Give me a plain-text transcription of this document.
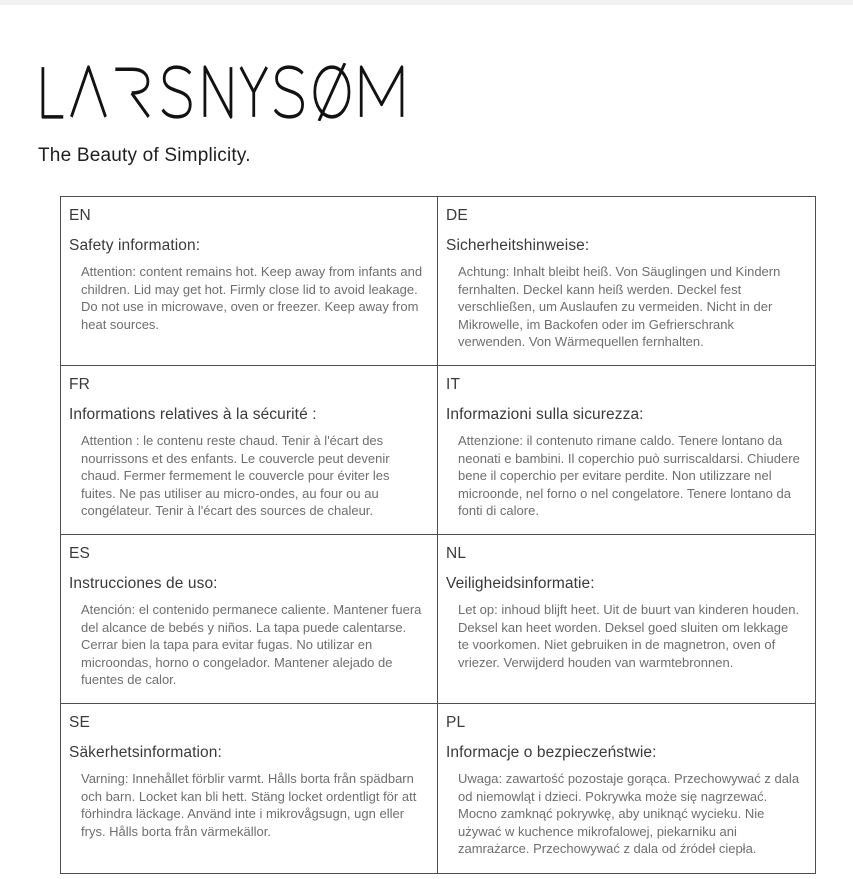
The Beauty of Simplicity.
EN
Safety information:

Attention: content remains hot. Keep away from infants and children. Lid may get hot. Firmly close lid to avoid leakage. Do not use in microwave, oven or freezer. Keep away from heat sources.

DE
Sicherheitshinweise:

Achtung: Inhalt bleibt heiß. Von Säuglingen und Kindern fernhalten. Deckel kann heiß werden. Deckel fest verschließen, um Auslaufen zu vermeiden. Nicht in der Mikrowelle, im Backofen oder im Gefrierschrank verwenden. Von Wärmequellen fernhalten.

FR
Informations relatives à la sécurité :

Attention : le contenu reste chaud. Tenir à l'écart des nourrissons et des enfants. Le couvercle peut devenir chaud. Fermer fermement le couvercle pour éviter les fuites. Ne pas utiliser au micro-ondes, au four ou au congélateur. Tenir à l'écart des sources de chaleur.

IT
Informazioni sulla sicurezza:

Attenzione: il contenuto rimane caldo. Tenere lontano da neonati e bambini. Il coperchio può surriscaldarsi. Chiudere bene il coperchio per evitare perdite. Non utilizzare nel microonde, nel forno o nel congelatore. Tenere lontano da fonti di calore.

ES
Instrucciones de uso:

Atención: el contenido permanece caliente. Mantener fuera del alcance de bebés y niños. La tapa puede calentarse. Cerrar bien la tapa para evitar fugas. No utilizar en microondas, horno o congelador. Mantener alejado de fuentes de calor.

NL
Veiligheidsinformatie:

Let op: inhoud blijft heet. Uit de buurt van kinderen houden. Deksel kan heet worden. Deksel goed sluiten om lekkage te voorkomen. Niet gebruiken in de magnetron, oven of vriezer. Verwijderd houden van warmtebronnen.

SE
Säkerhetsinformation:

Varning: Innehållet förblir varmt. Hålls borta från spädbarn och barn. Locket kan bli hett. Stäng locket ordentligt för att förhindra läckage. Använd inte i mikrovågsugn, ugn eller frys. Hålls borta från värmekällor.

PL
Informacje o bezpieczeństwie:

Uwaga: zawartość pozostaje gorąca. Przechowywać z dala od niemowląt i dzieci. Pokrywka może się nagrzewać. Mocno zamknąć pokrywkę, aby uniknąć wycieku. Nie używać w kuchence mikrofalowej, piekarniku ani zamrażarce. Przechowywać z dala od źródeł ciepła.
